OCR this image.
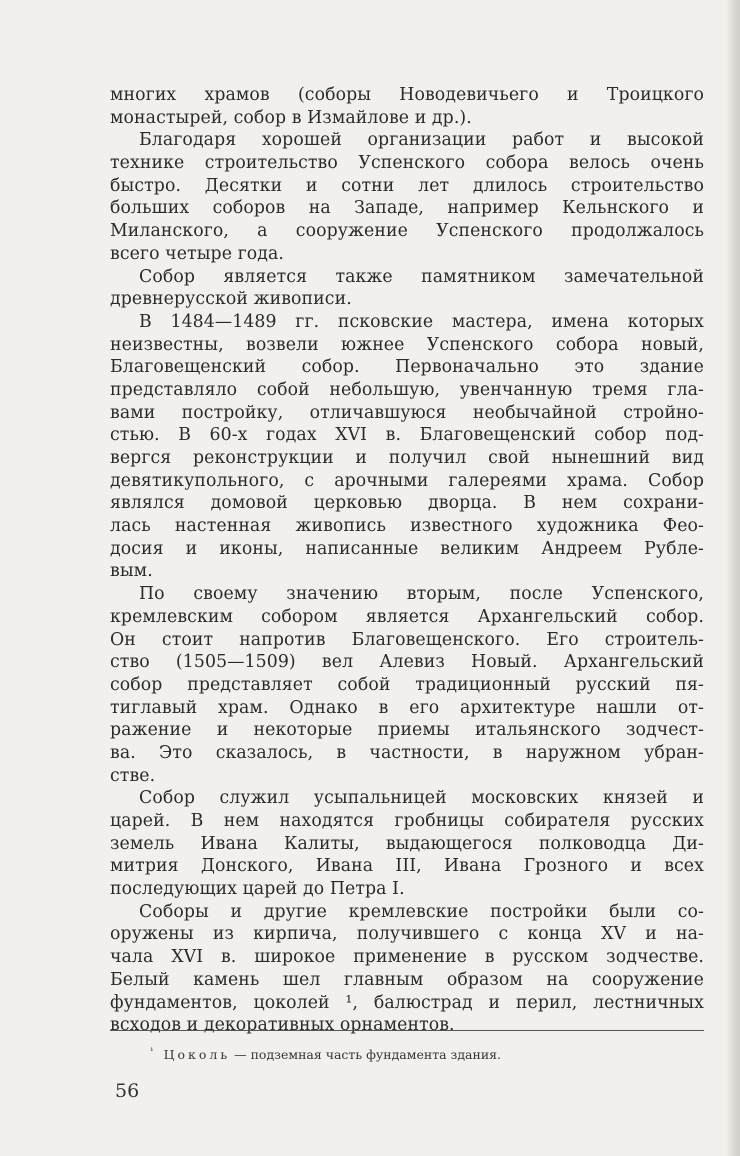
многих храмов (соборы Новодевичьего и Троицкого
монастырей, собор в Измайлове и др.).
Благодаря хорошей организации работ и высокой
технике строительство Успенского собора велось очень
быстро. Десятки и сотни лет длилось строительство
больших соборов на Западе, например Кельнского и
Миланского, а сооружение Успенского продолжалось
всего четыре года.
Собор является также памятником замечательной
древнерусской живописи.
В 1484—1489 гг. псковские мастера, имена которых
неизвестны, возвели южнее Успенского собора новый,
Благовещенский собор. Первоначально это здание
представляло собой небольшую, увенчанную тремя гла-
вами постройку, отличавшуюся необычайной стройно-
стью. В 60-х годах XVI в. Благовещенский собор под-
вергся реконструкции и получил свой нынешний вид
девятикупольного, с арочными галереями храма. Собор
являлся домовой церковью дворца. В нем сохрани-
лась настенная живопись известного художника Фео-
досия и иконы, написанные великим Андреем Рубле-
вым.
По своему значению вторым, после Успенского,
кремлевским собором является Архангельский собор.
Он стоит напротив Благовещенского. Его строитель-
ство (1505—1509) вел Алевиз Новый. Архангельский
собор представляет собой традиционный русский пя-
тиглавый храм. Однако в его архитектуре нашли от-
ражение и некоторые приемы итальянского зодчест-
ва. Это сказалось, в частности, в наружном убран-
стве.
Собор служил усыпальницей московских князей и
царей. В нем находятся гробницы собирателя русских
земель Ивана Калиты, выдающегося полководца Ди-
митрия Донского, Ивана III, Ивана Грозного и всех
последующих царей до Петра I.
Соборы и другие кремлевские постройки были со-
оружены из кирпича, получившего с конца XV и на-
чала XVI в. широкое применение в русском зодчестве.
Белый камень шел главным образом на сооружение
фундаментов, цоколей ¹, балюстрад и перил, лестничных
всходов и декоративных орнаментов.
$^{^1}$ Цоколь — подземная часть фундамента здания.
56
